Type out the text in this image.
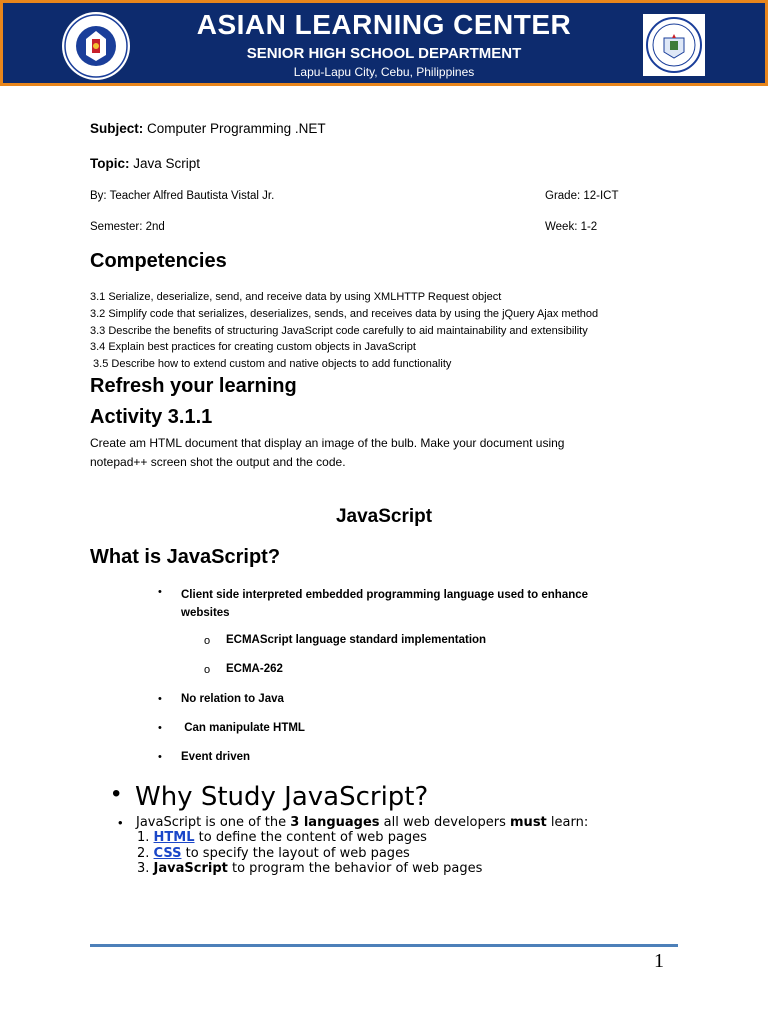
ASIAN LEARNING CENTER
SENIOR HIGH SCHOOL DEPARTMENT
Lapu-Lapu City, Cebu, Philippines
Subject: Computer Programming .NET
Topic: Java Script
By: Teacher Alfred Bautista Vistal Jr.	Grade: 12-ICT
Semester: 2nd	Week: 1-2
Competencies
3.1 Serialize, deserialize, send, and receive data by using XMLHTTP Request object
3.2 Simplify code that serializes, deserializes, sends, and receives data by using the jQuery Ajax method
3.3 Describe the benefits of structuring JavaScript code carefully to aid maintainability and extensibility
3.4 Explain best practices for creating custom objects in JavaScript
3.5 Describe how to extend custom and native objects to add functionality
Refresh your learning
Activity 3.1.1
Create am HTML document that display an image of the bulb. Make your document using
notepad++ screen shot the output and the code.
JavaScript
What is JavaScript?
• Client side interpreted embedded programming language used to enhance
websites
o ECMAScript language standard implementation
o ECMA-262
• No relation to Java
• Can manipulate HTML
• Event driven
• Why Study JavaScript?
• JavaScript is one of the 3 languages all web developers must learn:
1. HTML to define the content of web pages
2. CSS to specify the layout of web pages
3. JavaScript to program the behavior of web pages
1
